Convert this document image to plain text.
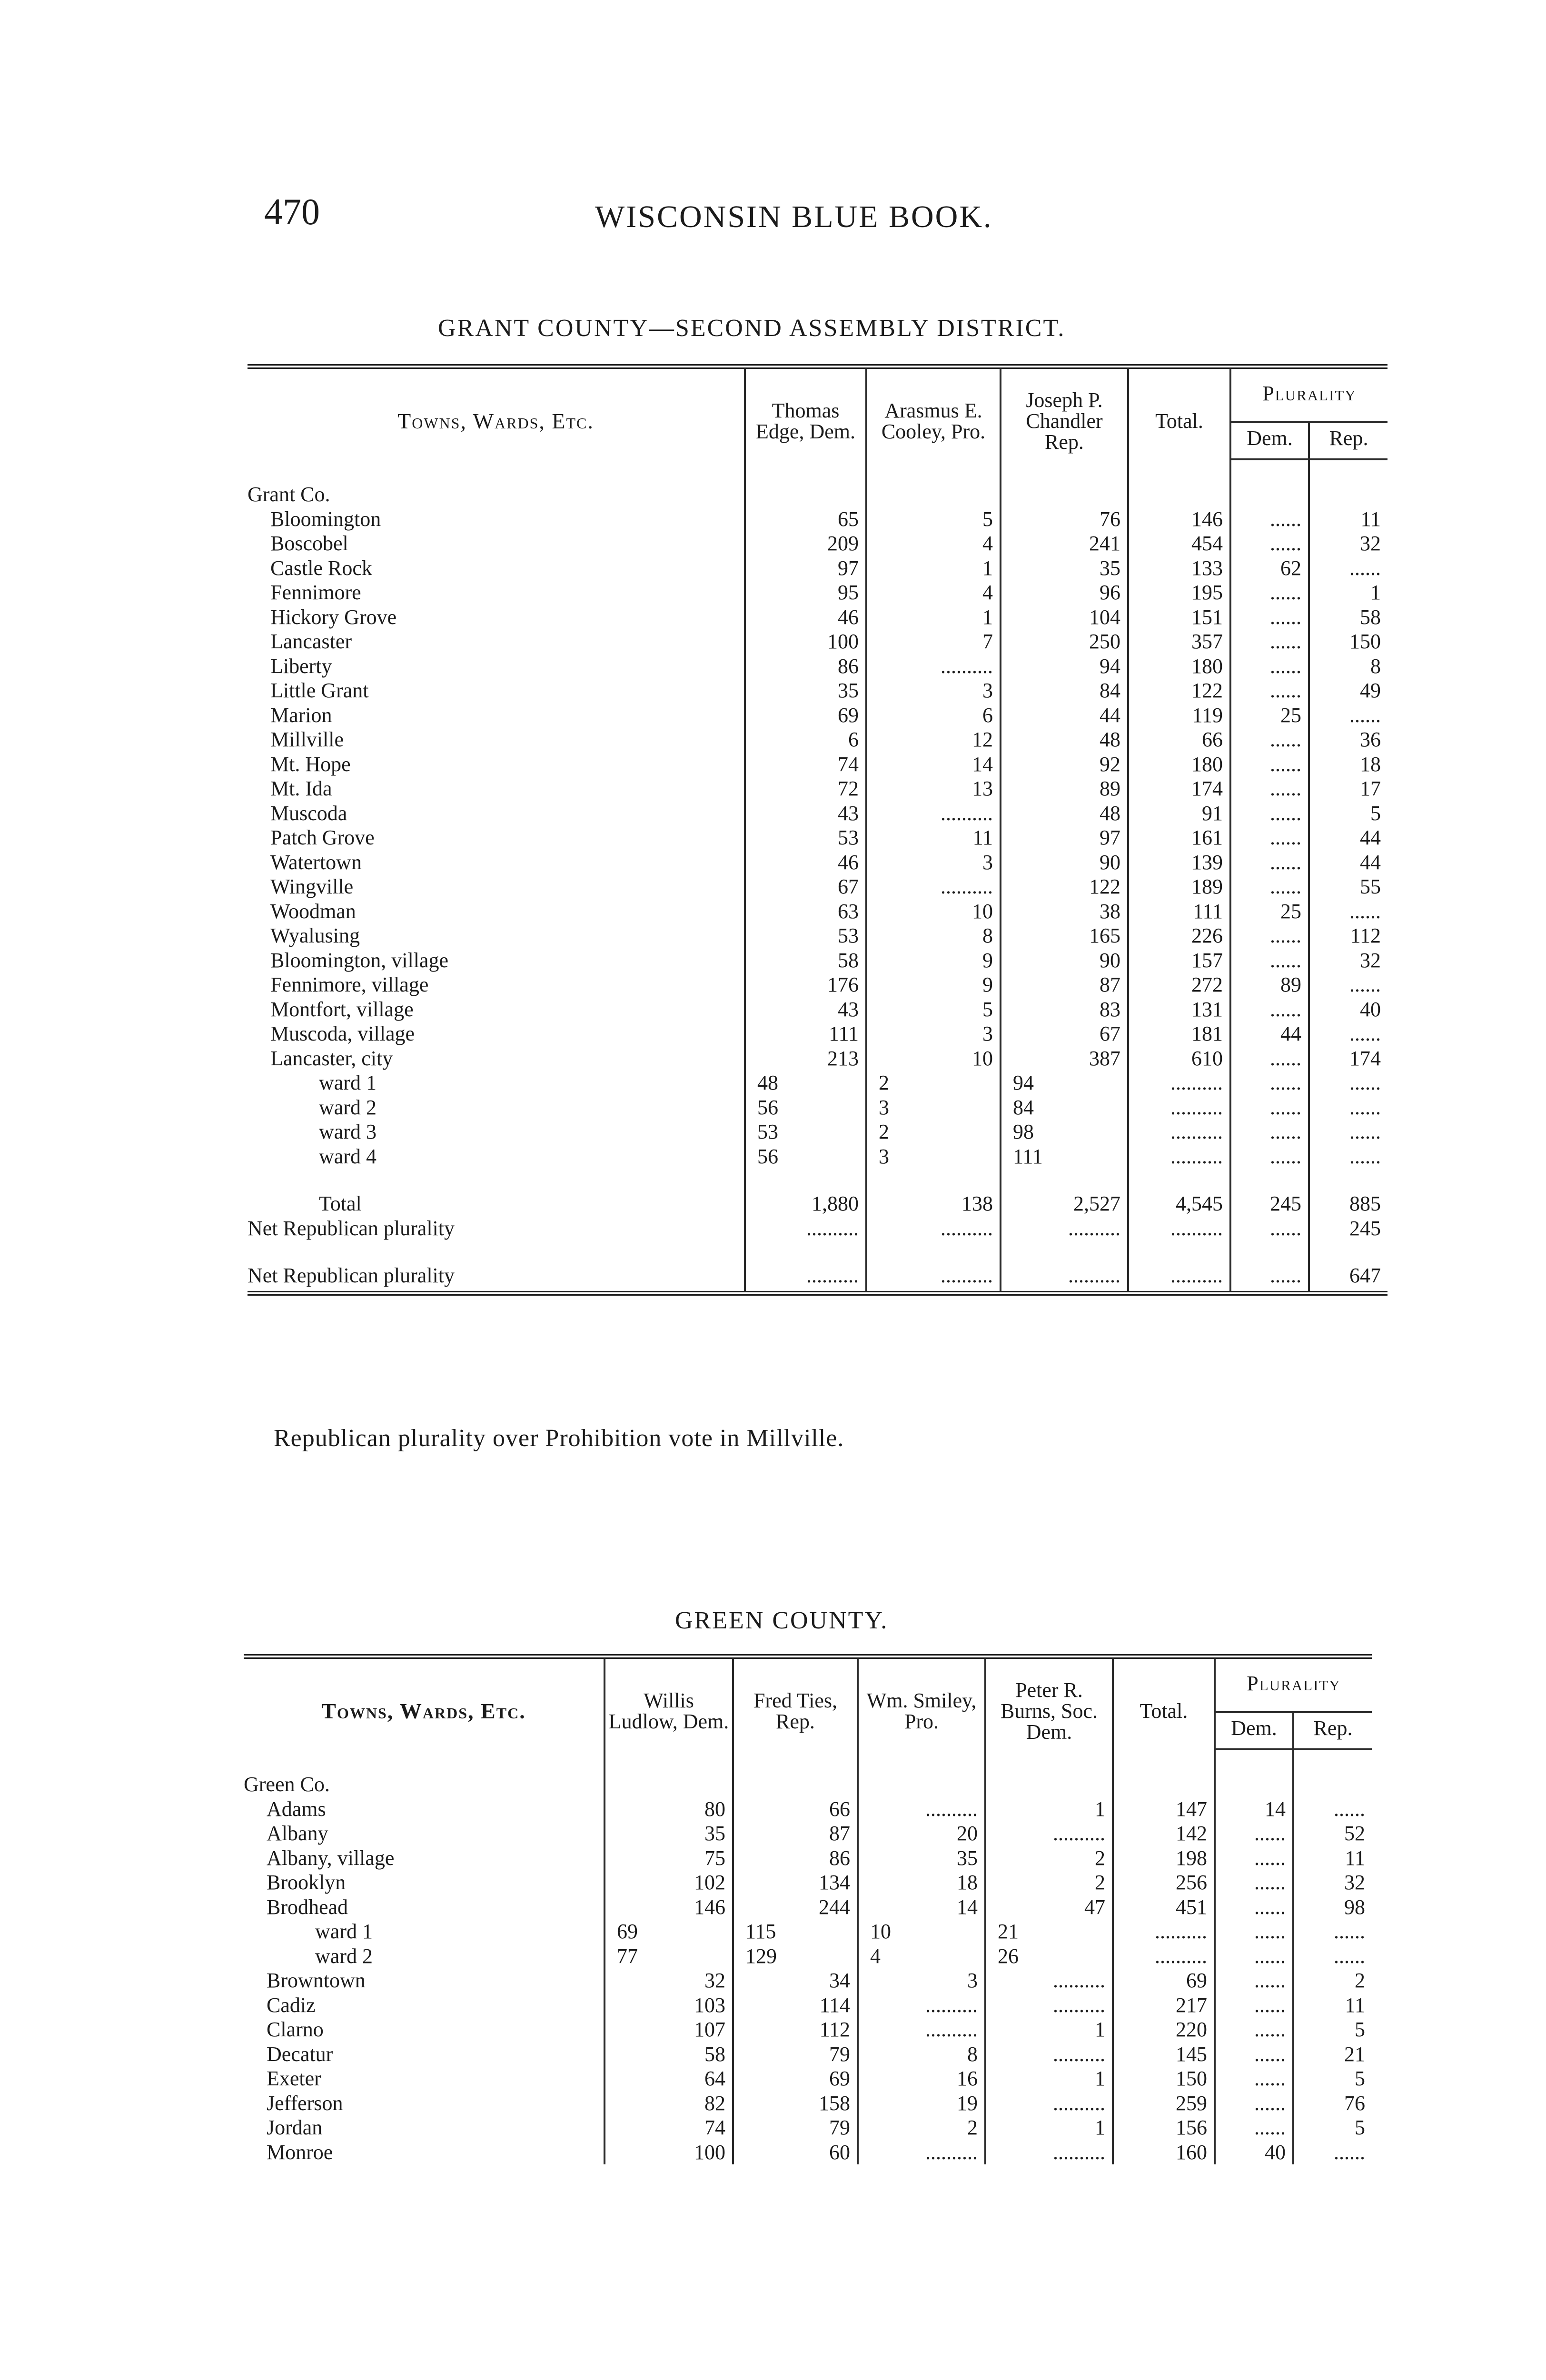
470	WISCONSIN BLUE BOOK.
GRANT COUNTY—SECOND ASSEMBLY DISTRICT.
Towns, Wards, Etc.	Thomas Edge, Dem.	Arasmus E. Cooley, Pro.	Joseph P. Chandler Rep.	Total.	Plurality	
					Dem.	Rep.

Grant Co.						
Bloomington	65	5	76	146	......	11
Boscobel	209	4	241	454	......	32
Castle Rock	97	1	35	133	62	......
Fennimore	95	4	96	195	......	1
Hickory Grove	46	1	104	151	......	58
Lancaster	100	7	250	357	......	150
Liberty	86	..........	94	180	......	8
Little Grant	35	3	84	122	......	49
Marion	69	6	44	119	25	......
Millville	6	12	48	66	......	36
Mt. Hope	74	14	92	180	......	18
Mt. Ida	72	13	89	174	......	17
Muscoda	43	..........	48	91	......	5
Patch Grove	53	11	97	161	......	44
Watertown	46	3	90	139	......	44
Wingville	67	..........	122	189	......	55
Woodman	63	10	38	111	25	......
Wyalusing	53	8	165	226	......	112
Bloomington, village	58	9	90	157	......	32
Fennimore, village	176	9	87	272	89	......
Montfort, village	43	5	83	131	......	40
Muscoda, village	111	3	67	181	44	......
Lancaster, city	213	10	387	610	......	174
ward 1	48	2	94	..........	......	......
ward 2	56	3	84	..........	......	......
ward 3	53	2	98	..........	......	......
ward 4	56	3	111	..........	......	......

Total	1,880	138	2,527	4,545	245	885
Net Republican plurality	..........	..........	..........	..........	......	245

Net Republican plurality	..........	..........	..........	..........	......	647
Republican plurality over Prohibition vote in Millville.
GREEN COUNTY.
Towns, Wards, Etc.	Willis Ludlow, Dem.	Fred Ties, Rep.	Wm. Smiley, Pro.	Peter R. Burns, Soc. Dem.	Total.	Plurality	
						Dem.	Rep.

Green Co.							
Adams	80	66	..........	1	147	14	......
Albany	35	87	20	..........	142	......	52
Albany, village	75	86	35	2	198	......	11
Brooklyn	102	134	18	2	256	......	32
Brodhead	146	244	14	47	451	......	98
ward 1	69	115	10	21	..........	......	......
ward 2	77	129	4	26	..........	......	......
Browntown	32	34	3	..........	69	......	2
Cadiz	103	114	..........	..........	217	......	11
Clarno	107	112	..........	1	220	......	5
Decatur	58	79	8	..........	145	......	21
Exeter	64	69	16	1	150	......	5
Jefferson	82	158	19	..........	259	......	76
Jordan	74	79	2	1	156	......	5
Monroe	100	60	..........	..........	160	40	......
